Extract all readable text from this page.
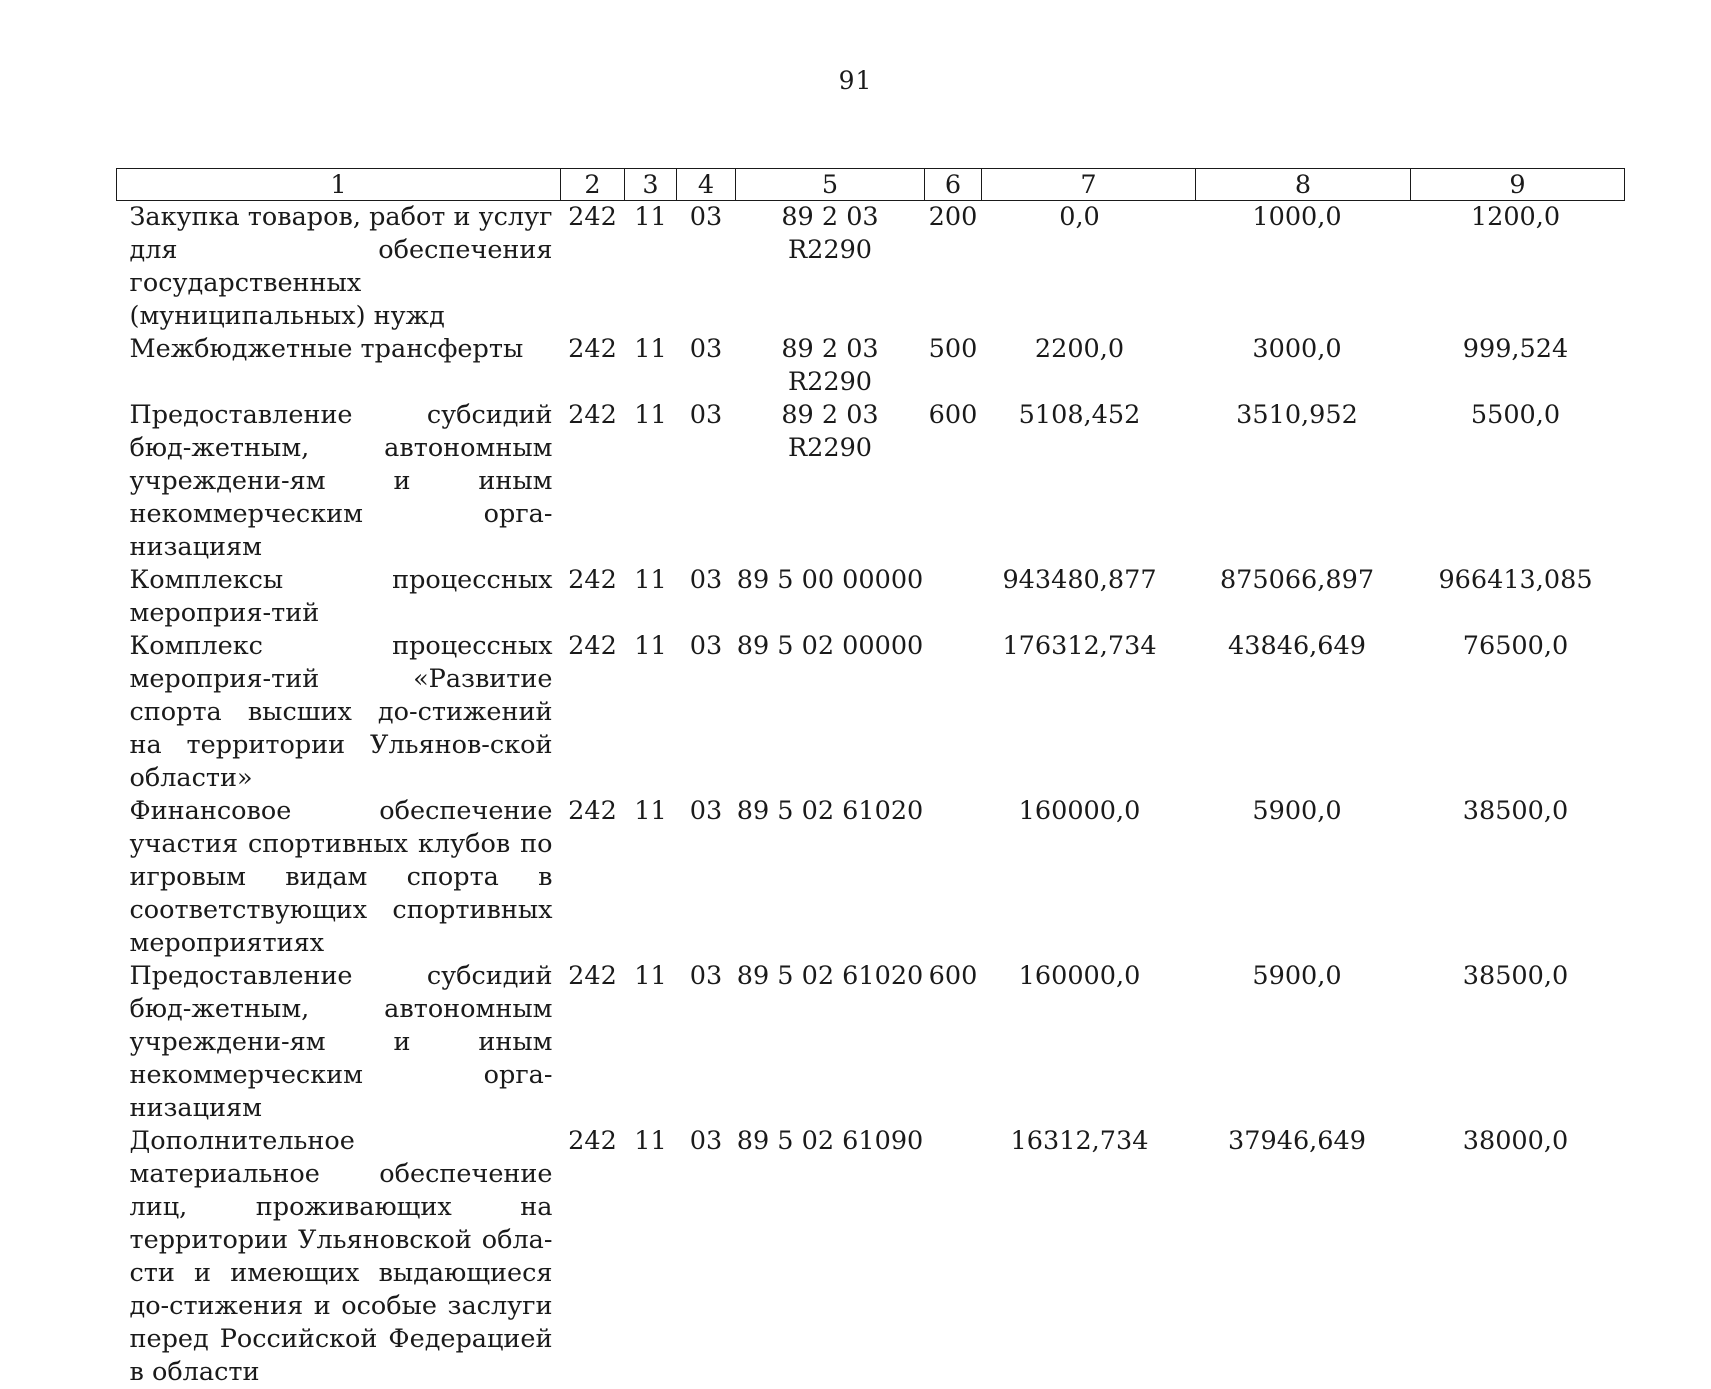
91
1	2	3	4	5	6	7	8	9
Закупка товаров, работ и услуг для обеспечения государственных (муниципальных) нужд	242	11	03	89 2 03 R2290	200	0,0	1000,0	1200,0
Межбюджетные трансферты	242	11	03	89 2 03 R2290	500	2200,0	3000,0	999,524
Предоставление субсидий бюд-жетным, автономным учреждени-ям и иным некоммерческим орга-низациям	242	11	03	89 2 03 R2290	600	5108,452	3510,952	5500,0
Комплексы процессных мероприя-тий	242	11	03	89 5 00 00000		943480,877	875066,897	966413,085
Комплекс процессных мероприя-тий «Развитие спорта высших до-стижений на территории Ульянов-ской области»	242	11	03	89 5 02 00000		176312,734	43846,649	76500,0
Финансовое обеспечение участия спортивных клубов по игровым видам спорта в соответствующих спортивных мероприятиях	242	11	03	89 5 02 61020		160000,0	5900,0	38500,0
Предоставление субсидий бюд-жетным, автономным учреждени-ям и иным некоммерческим орга-низациям	242	11	03	89 5 02 61020	600	160000,0	5900,0	38500,0
Дополнительное материальное обеспечение лиц, проживающих на территории Ульяновской обла-сти и имеющих выдающиеся до-стижения и особые заслуги перед Российской Федерацией в области	242	11	03	89 5 02 61090		16312,734	37946,649	38000,0
